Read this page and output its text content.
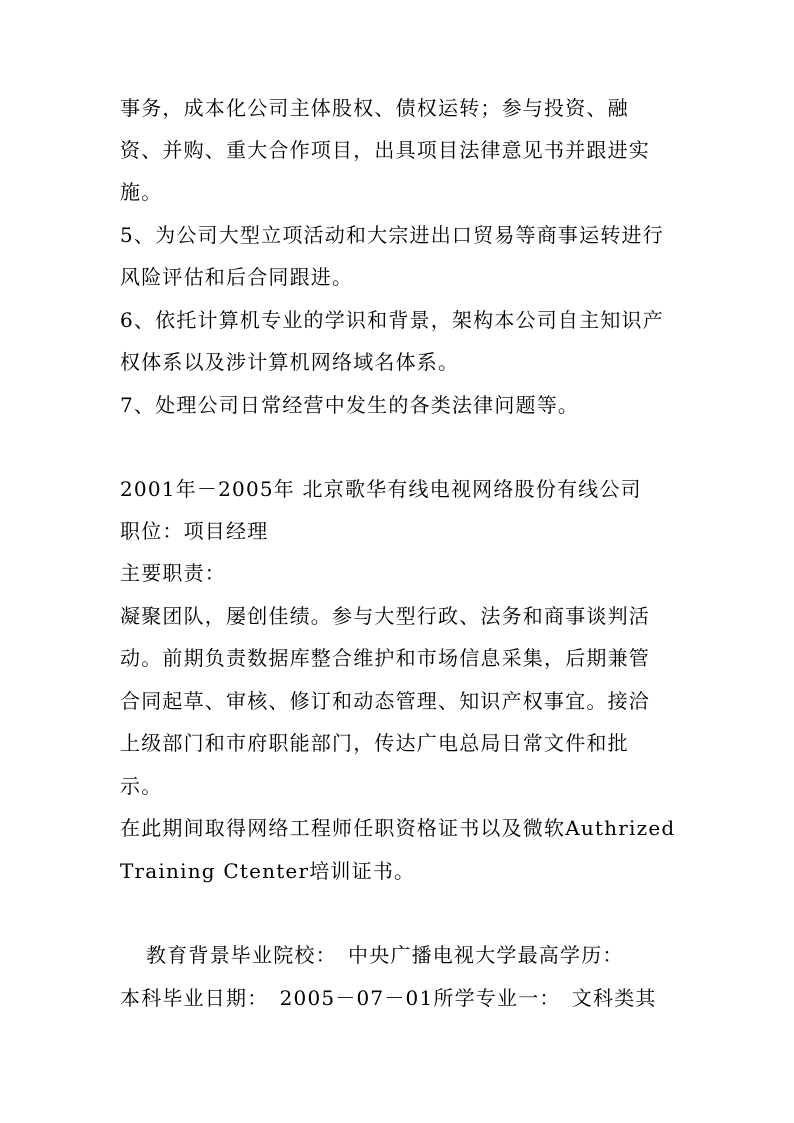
事务，成本化公司主体股权、债权运转；参与投资、融
资、并购、重大合作项目，出具项目法律意见书并跟进实
施。
5、为公司大型立项活动和大宗进出口贸易等商事运转进行
风险评估和后合同跟进。
6、依托计算机专业的学识和背景，架构本公司自主知识产
权体系以及涉计算机网络域名体系。
7、处理公司日常经营中发生的各类法律问题等。
2001年－2005年 北京歌华有线电视网络股份有线公司
职位：项目经理
主要职责：
凝聚团队，屡创佳绩。参与大型行政、法务和商事谈判活
动。前期负责数据库整合维护和市场信息采集，后期兼管
合同起草、审核、修订和动态管理、知识产权事宜。接洽
上级部门和市府职能部门，传达广电总局日常文件和批
示。
在此期间取得网络工程师任职资格证书以及微软Authrized
Training Ctenter培训证书。
教育背景毕业院校：　中央广播电视大学最高学历：
本科毕业日期：　2005－07－01所学专业一：　文科类其
